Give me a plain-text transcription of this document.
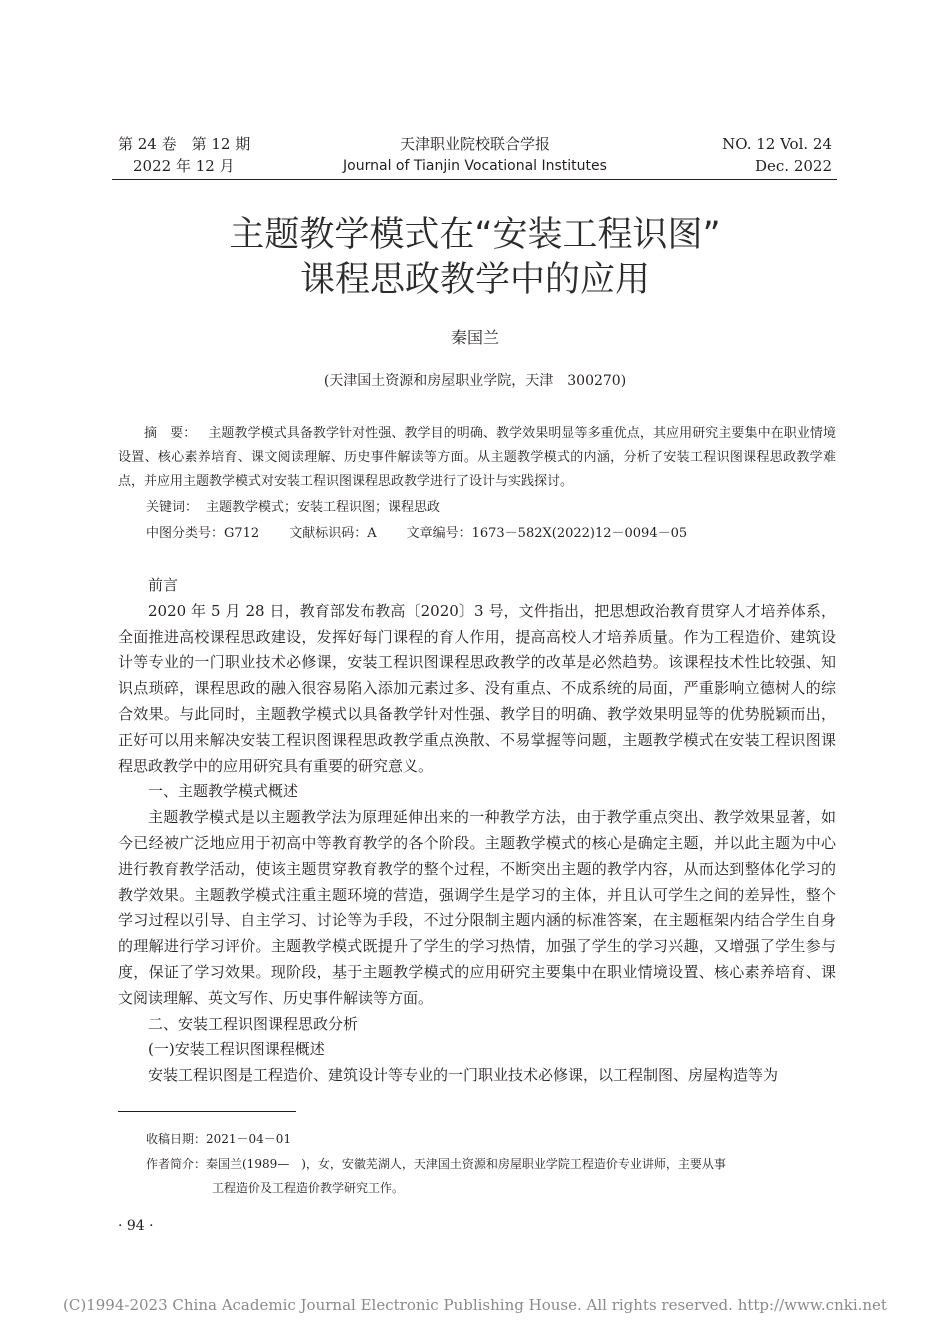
第 24 卷　第 12 期
2022 年 12 月
天津职业院校联合学报
Journal of Tianjin Vocational Institutes
NO. 12 Vol. 24
Dec. 2022
主题教学模式在“安装工程识图”
课程思政教学中的应用
秦国兰
(天津国土资源和房屋职业学院，天津　300270)

摘　要： 主题教学模式具备教学针对性强、教学目的明确、教学效果明显等多重优点，其应用研究主要集中在职业情境设置、核心素养培育、课文阅读理解、历史事件解读等方面。从主题教学模式的内涵，分析了安装工程识图课程思政教学难点，并应用主题教学模式对安装工程识图课程思政教学进行了设计与实践探讨。

关键词： 主题教学模式；安装工程识图；课程思政
中图分类号：G712 文献标识码：A 文章编号：1673－582X(2022)12－0094－05

前言

2020 年 5 月 28 日，教育部发布教高〔2020〕3 号，文件指出，把思想政治教育贯穿人才培养体系，全面推进高校课程思政建设，发挥好每门课程的育人作用，提高高校人才培养质量。作为工程造价、建筑设计等专业的一门职业技术必修课，安装工程识图课程思政教学的改革是必然趋势。该课程技术性比较强、知识点琐碎，课程思政的融入很容易陷入添加元素过多、没有重点、不成系统的局面，严重影响立德树人的综合效果。与此同时，主题教学模式以具备教学针对性强、教学目的明确、教学效果明显等的优势脱颖而出，正好可以用来解决安装工程识图课程思政教学重点涣散、不易掌握等问题，主题教学模式在安装工程识图课程思政教学中的应用研究具有重要的研究意义。

一、主题教学模式概述

主题教学模式是以主题教学法为原理延伸出来的一种教学方法，由于教学重点突出、教学效果显著，如今已经被广泛地应用于初高中等教育教学的各个阶段。主题教学模式的核心是确定主题，并以此主题为中心进行教育教学活动，使该主题贯穿教育教学的整个过程，不断突出主题的教学内容，从而达到整体化学习的教学效果。主题教学模式注重主题环境的营造，强调学生是学习的主体，并且认可学生之间的差异性，整个学习过程以引导、自主学习、讨论等为手段，不过分限制主题内涵的标准答案，在主题框架内结合学生自身的理解进行学习评价。主题教学模式既提升了学生的学习热情，加强了学生的学习兴趣，又增强了学生参与度，保证了学习效果。现阶段，基于主题教学模式的应用研究主要集中在职业情境设置、核心素养培育、课文阅读理解、英文写作、历史事件解读等方面。

二、安装工程识图课程思政分析

(一)安装工程识图课程概述

安装工程识图是工程造价、建筑设计等专业的一门职业技术必修课，以工程制图、房屋构造等为

收稿日期：2021－04－01
作者简介：秦国兰(1989—　)，女，安徽芜湖人，天津国土资源和房屋职业学院工程造价专业讲师，主要从事
工程造价及工程造价教学研究工作。
· 94 ·
(C)1994-2023 China Academic Journal Electronic Publishing House. All rights reserved. http://www.cnki.net
